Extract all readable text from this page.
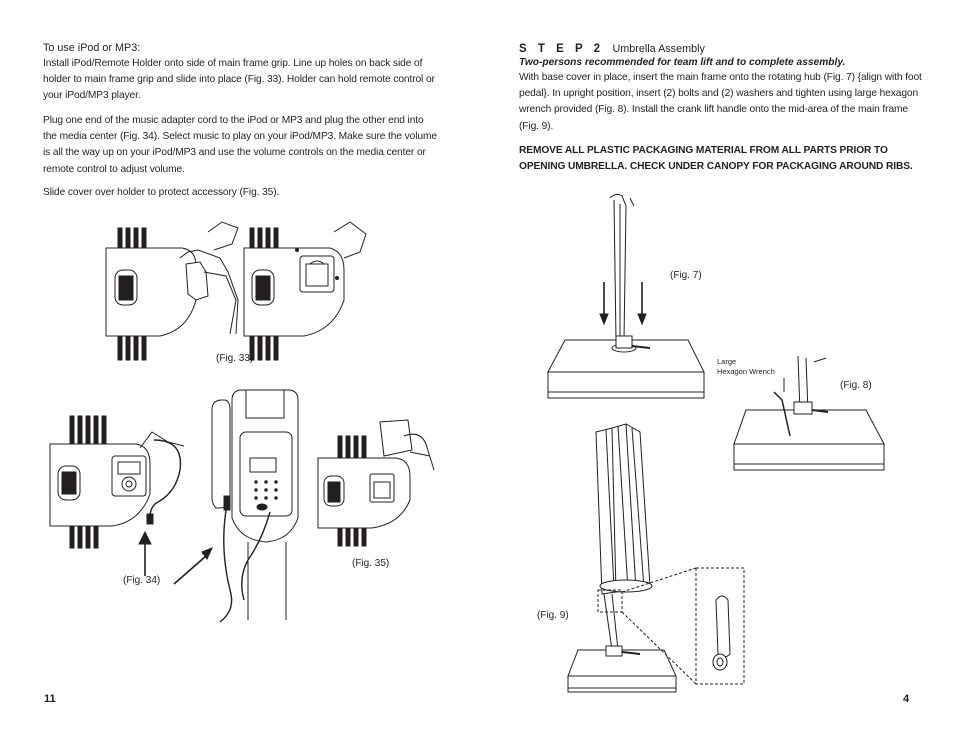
To use iPod or MP3:

Install iPod/Remote Holder onto side of main frame grip. Line up holes on back side of

holder to main frame grip and slide into place (Fig. 33). Holder can hold remote control or

your iPod/MP3 player.

Plug one end of the music adapter cord to the iPod or MP3 and plug the other end into

the media center (Fig. 34). Select music to play on your iPod/MP3. Make sure the volume

is all the way up on your iPod/MP3 and use the volume controls on the media center or

remote control to adjust volume.

Slide cover over holder to protect accessory (Fig. 35).

S T E P 2 Umbrella Assembly
Two-persons recommended for team lift and to complete assembly.

With base cover in place, insert the main frame onto the rotating hub (Fig. 7) {align with foot

pedal}. In upright position, insert (2) bolts and (2) washers and tighten using large hexagon

wrench provided (Fig. 8). Install the crank lift handle onto the mid-area of the main frame

(Fig. 9).

REMOVE ALL PLASTIC PACKAGING MATERIAL FROM ALL PARTS PRIOR TO

OPENING UMBRELLA. CHECK UNDER CANOPY FOR PACKAGING AROUND RIBS.

(Fig. 33)
(Fig. 34)
(Fig. 35)
(Fig. 7)
Large
Hexagon Wrench
(Fig. 8)
(Fig. 9)
11	4
